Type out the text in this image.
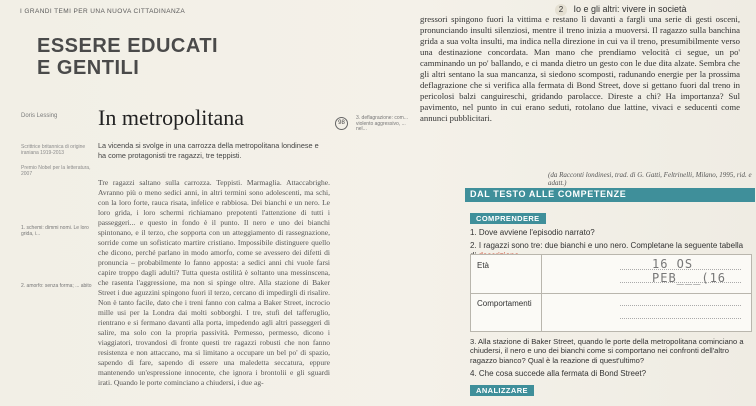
I GRANDI TEMI PER UNA NUOVA CITTADINANZA	2 Io e gli altri: vivere in società
ESSERE EDUCATI
E GENTILI
Doris Lessing In metropolitana	98
Scrittrice britannica di origine iraniana 1919-2013
Premio Nobel per la letteratura, 2007
La vicenda si svolge in una carrozza della metropolitana londinese e ha come protagonisti tre ragazzi, tre teppisti.
1. schemi: dimmi nomi. Le loro grida, i...
2. amorfo: senza forma; ... abito
3. deflagrazione: com... violento aggressivo, ... nel...
Tre ragazzi saltano sulla carrozza. Teppisti. Marmaglia. Attaccabrighe. Avranno più o meno sedici anni, in altri termini sono adolescenti, ma schi, con la loro forte, rauca risata, infelice e rabbiosa. Dei bianchi e un nero. Le loro grida, i loro schermi richiamano prepotenti l'attenzione di tutti i passeggeri... e questo in fondo è il punto. Il nero e uno dei bianchi spintonano, e il terzo, che sopporta con un atteggiamento di rassegnazione, sorride come un sofisticato martire cristiano. Impossibile distinguere quello che dicono, perché parlano in modo amorfo, come se avessero dei difetti di pronuncia – probabilmente lo fanno apposta: a sedici anni chi vuole farsi capire troppo dagli adulti? Tutta questa ostilità è soltanto una messinscena, che rasenta l'aggressione, ma non si spinge oltre. Alla stazione di Baker Street i due aguzzini spingono fuori il terzo, cercano di impedirgli di risalire. Non è tanto facile, dato che i treni fanno con calma a Baker Street, incrocio mille usi per la Londra dai molti sobborghi. I tre, stufi del tafferuglio, rientrano e si fermano davanti alla porta, impedendo agli altri passeggeri di salire, ma solo con la propria passività. Permesso, permesso, dicono i viaggiatori, trovandosi di fronte questi tre ragazzi robusti che non fanno resistenza e non attaccano, ma si limitano a occupare un bel po' di spazio, sapendo di fare, sapendo di essere una maledetta seccatura, eppure mantenendo un'espressione innocente, che ignora i brontolii e gli sguardi irati. Quando le porte cominciano a chiudersi, i due ag-
gressori spingono fuori la vittima e restano lì davanti a fargli una serie di gesti osceni, pronunciando insulti silenziosi, mentre il treno inizia a muoversi. Il ragazzo sulla banchina grida a sua volta insulti, ma indica nella direzione in cui va il treno, presumibilmente verso una destinazione concordata. Man mano che prendiamo velocità ci segue, un po' camminando un po' ballando, e ci manda dietro un gesto con le due dita alzate. Sembra che gli altri sentano la sua mancanza, si siedono scomposti, radunando energie per la prossima deflagrazione che si verifica alla fermata di Bond Street, dove si gettano fuori dal treno in pericolosi balzi canguireschi, gridando parolacce. Direste a chi? Ha importanza? Sul pavimento, nel punto in cui erano seduti, rotolano due lattine, vivaci e seducenti come annunci pubblicitari.
(da Racconti londinesi, trad. di G. Gatti, Feltrinelli, Milano, 1995, rid. e adatt.)
DAL TESTO ALLE COMPETENZE
COMPRENDERE
1. Dove avviene l'episodio narrato?
2. I ragazzi sono tre: due bianchi e uno nero. Completane la seguente tabella
Età	16 OS PEB___(16
Comportamenti
3. Alla stazione di Baker Street, quando le porte della metropolitana cominciano a chiudersi, il nero e uno dei bianchi come si comportano nei confronti dell'altro ragazzo bianco? Qual è la reazione di quest'ultimo?
4. Che cosa succede alla fermata di Bond Street?
ANALIZZARE
